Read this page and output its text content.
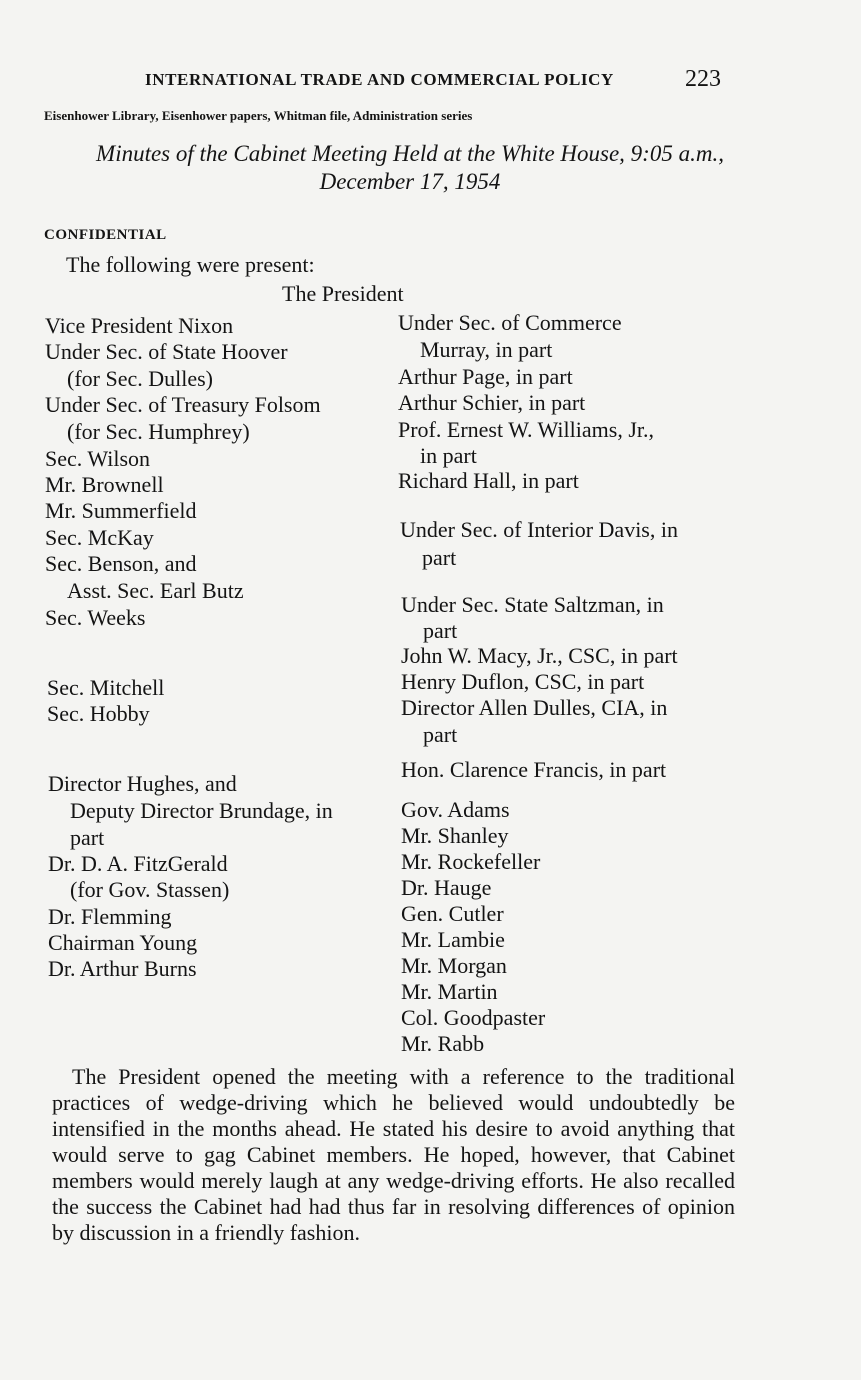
INTERNATIONAL TRADE AND COMMERCIAL POLICY	223
Eisenhower Library, Eisenhower papers, Whitman file, Administration series
Minutes of the Cabinet Meeting Held at the White House, 9:05 a.m.,
December 17, 1954
CONFIDENTIAL
The following were present:
The President
Vice President Nixon
Under Sec. of State Hoover
(for Sec. Dulles)
Under Sec. of Treasury Folsom
(for Sec. Humphrey)
Sec. Wilson
Mr. Brownell
Mr. Summerfield
Sec. McKay
Sec. Benson, and
Asst. Sec. Earl Butz
Sec. Weeks
Sec. Mitchell
Sec. Hobby
Director Hughes, and
Deputy Director Brundage, in
part
Dr. D. A. FitzGerald
(for Gov. Stassen)
Dr. Flemming
Chairman Young
Dr. Arthur Burns
Under Sec. of Commerce
Murray, in part
Arthur Page, in part
Arthur Schier, in part
Prof. Ernest W. Williams, Jr.,
in part
Richard Hall, in part
Under Sec. of Interior Davis, in
part
Under Sec. State Saltzman, in
part
John W. Macy, Jr., CSC, in part
Henry Duflon, CSC, in part
Director Allen Dulles, CIA, in
part
Hon. Clarence Francis, in part
Gov. Adams
Mr. Shanley
Mr. Rockefeller
Dr. Hauge
Gen. Cutler
Mr. Lambie
Mr. Morgan
Mr. Martin
Col. Goodpaster
Mr. Rabb

The President opened the meeting with a reference to the traditional practices of wedge-driving which he believed would undoubtedly be intensified in the months ahead. He stated his desire to avoid anything that would serve to gag Cabinet members. He hoped, however, that Cabinet members would merely laugh at any wedge-driving efforts. He also recalled the success the Cabinet had had thus far in resolving differences of opinion by discussion in a friendly fashion.
